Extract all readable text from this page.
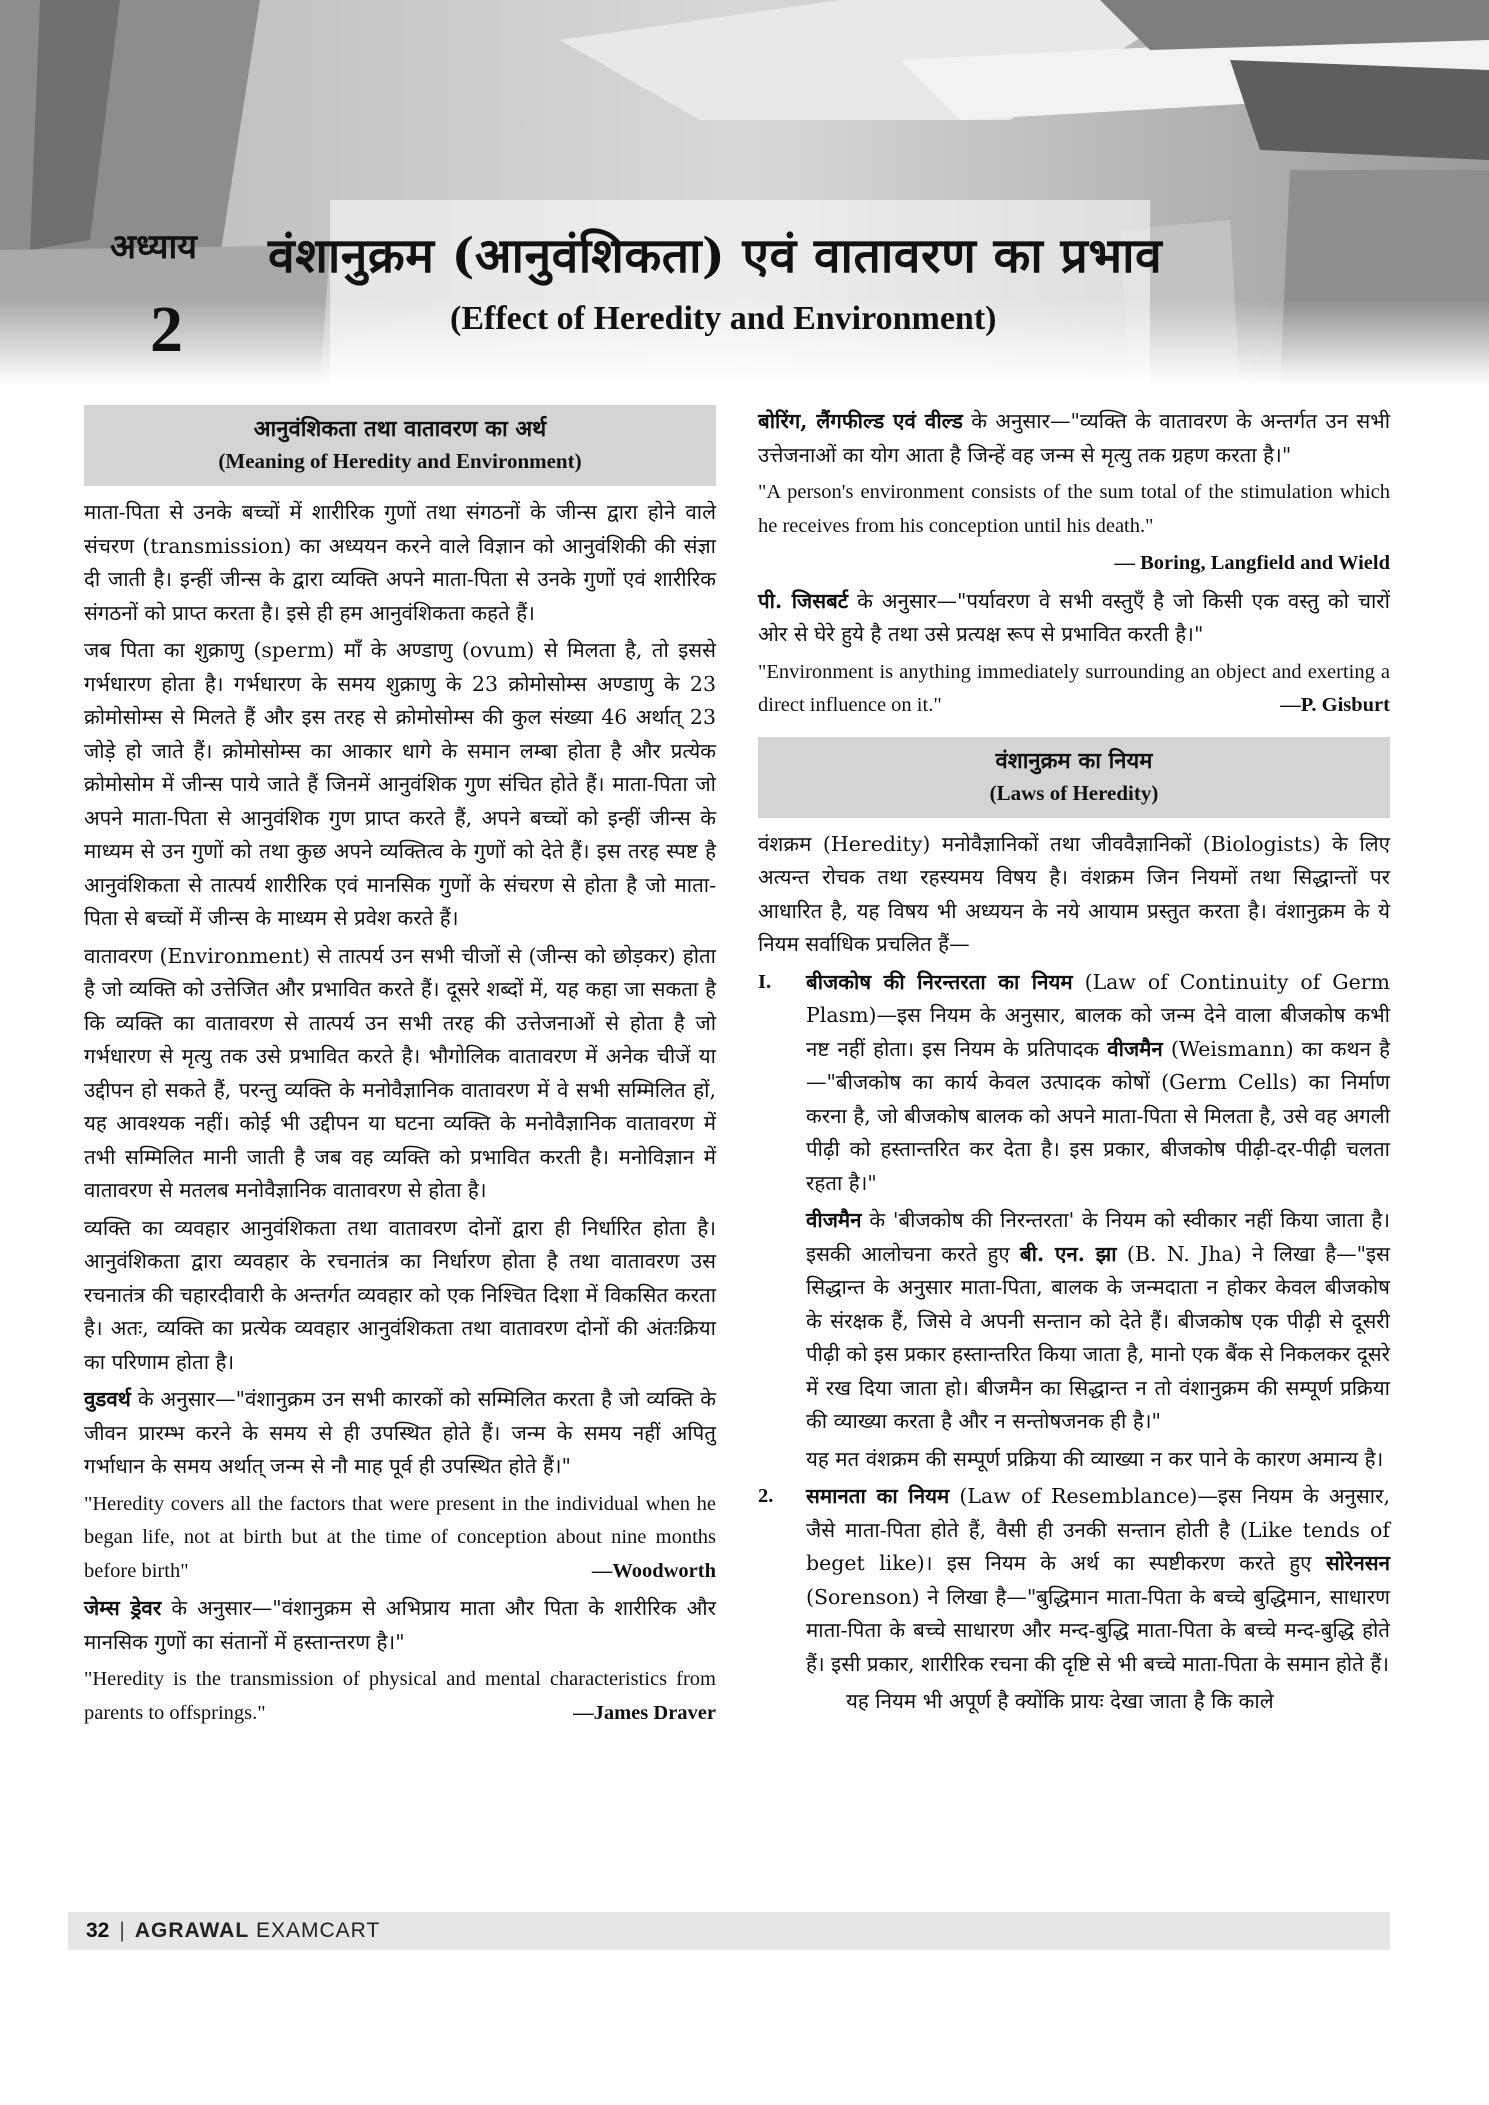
अध्याय
2
वंशानुक्रम (आनुवंशिकता) एवं वातावरण का प्रभाव
(Effect of Heredity and Environment)
आनुवंशिकता तथा वातावरण का अर्थ
(Meaning of Heredity and Environment)

माता-पिता से उनके बच्चों में शारीरिक गुणों तथा संगठनों के जीन्स द्वारा होने वाले संचरण (transmission) का अध्ययन करने वाले विज्ञान को आनुवंशिकी की संज्ञा दी जाती है। इन्हीं जीन्स के द्वारा व्यक्ति अपने माता-पिता से उनके गुणों एवं शारीरिक संगठनों को प्राप्त करता है। इसे ही हम आनुवंशिकता कहते हैं।

जब पिता का शुक्राणु (sperm) माँ के अण्डाणु (ovum) से मिलता है, तो इससे गर्भधारण होता है। गर्भधारण के समय शुक्राणु के 23 क्रोमोसोम्स अण्डाणु के 23 क्रोमोसोम्स से मिलते हैं और इस तरह से क्रोमोसोम्स की कुल संख्या 46 अर्थात् 23 जोड़े हो जाते हैं। क्रोमोसोम्स का आकार धागे के समान लम्बा होता है और प्रत्येक क्रोमोसोम में जीन्स पाये जाते हैं जिनमें आनुवंशिक गुण संचित होते हैं। माता-पिता जो अपने माता-पिता से आनुवंशिक गुण प्राप्त करते हैं, अपने बच्चों को इन्हीं जीन्स के माध्यम से उन गुणों को तथा कुछ अपने व्यक्तित्व के गुणों को देते हैं। इस तरह स्पष्ट है आनुवंशिकता से तात्पर्य शारीरिक एवं मानसिक गुणों के संचरण से होता है जो माता-पिता से बच्चों में जीन्स के माध्यम से प्रवेश करते हैं।

वातावरण (Environment) से तात्पर्य उन सभी चीजों से (जीन्स को छोड़कर) होता है जो व्यक्ति को उत्तेजित और प्रभावित करते हैं। दूसरे शब्दों में, यह कहा जा सकता है कि व्यक्ति का वातावरण से तात्पर्य उन सभी तरह की उत्तेजनाओं से होता है जो गर्भधारण से मृत्यु तक उसे प्रभावित करते है। भौगोलिक वातावरण में अनेक चीजें या उद्दीपन हो सकते हैं, परन्तु व्यक्ति के मनोवैज्ञानिक वातावरण में वे सभी सम्मिलित हों, यह आवश्यक नहीं। कोई भी उद्दीपन या घटना व्यक्ति के मनोवैज्ञानिक वातावरण में तभी सम्मिलित मानी जाती है जब वह व्यक्ति को प्रभावित करती है। मनोविज्ञान में वातावरण से मतलब मनोवैज्ञानिक वातावरण से होता है।

व्यक्ति का व्यवहार आनुवंशिकता तथा वातावरण दोनों द्वारा ही निर्धारित होता है। आनुवंशिकता द्वारा व्यवहार के रचनातंत्र का निर्धारण होता है तथा वातावरण उस रचनातंत्र की चहारदीवारी के अन्तर्गत व्यवहार को एक निश्चित दिशा में विकसित करता है। अतः, व्यक्ति का प्रत्येक व्यवहार आनुवंशिकता तथा वातावरण दोनों की अंतःक्रिया का परिणाम होता है।

वुडवर्थ के अनुसार—"वंशानुक्रम उन सभी कारकों को सम्मिलित करता है जो व्यक्ति के जीवन प्रारम्भ करने के समय से ही उपस्थित होते हैं। जन्म के समय नहीं अपितु गर्भाधान के समय अर्थात् जन्म से नौ माह पूर्व ही उपस्थित होते हैं।"

"Heredity covers all the factors that were present in the individual when he began life, not at birth but at the time of conception about nine months before birth"	—Woodworth

जेम्स ड्रेवर के अनुसार—"वंशानुक्रम से अभिप्राय माता और पिता के शारीरिक और मानसिक गुणों का संतानों में हस्तान्तरण है।"

"Heredity is the transmission of physical and mental characteristics from parents to offsprings."	—James Draver

बोरिंग, लैंगफील्ड एवं वील्ड के अनुसार—"व्यक्ति के वातावरण के अन्तर्गत उन सभी उत्तेजनाओं का योग आता है जिन्हें वह जन्म से मृत्यु तक ग्रहण करता है।"

"A person's environment consists of the sum total of the stimulation which he receives from his conception until his death."

— Boring, Langfield and Wield

पी. जिसबर्ट के अनुसार—"पर्यावरण वे सभी वस्तुएँ है जो किसी एक वस्तु को चारों ओर से घेरे हुये है तथा उसे प्रत्यक्ष रूप से प्रभावित करती है।"

"Environment is anything immediately surrounding an object and exerting a direct influence on it."	—P. Gisburt

वंशानुक्रम का नियम
(Laws of Heredity)

वंशक्रम (Heredity) मनोवैज्ञानिकों तथा जीववैज्ञानिकों (Biologists) के लिए अत्यन्त रोचक तथा रहस्यमय विषय है। वंशक्रम जिन नियमों तथा सिद्धान्तों पर आधारित है, यह विषय भी अध्ययन के नये आयाम प्रस्तुत करता है। वंशानुक्रम के ये नियम सर्वाधिक प्रचलित हैं—

I. बीजकोष की निरन्तरता का नियम (Law of Continuity of Germ Plasm)—इस नियम के अनुसार, बालक को जन्म देने वाला बीजकोष कभी नष्ट नहीं होता। इस नियम के प्रतिपादक वीजमैन (Weismann) का कथन है—"बीजकोष का कार्य केवल उत्पादक कोषों (Germ Cells) का निर्माण करना है, जो बीजकोष बालक को अपने माता-पिता से मिलता है, उसे वह अगली पीढ़ी को हस्तान्तरित कर देता है। इस प्रकार, बीजकोष पीढ़ी-दर-पीढ़ी चलता रहता है।"

वीजमैन के 'बीजकोष की निरन्तरता' के नियम को स्वीकार नहीं किया जाता है। इसकी आलोचना करते हुए बी. एन. झा (B. N. Jha) ने लिखा है—"इस सिद्धान्त के अनुसार माता-पिता, बालक के जन्मदाता न होकर केवल बीजकोष के संरक्षक हैं, जिसे वे अपनी सन्तान को देते हैं। बीजकोष एक पीढ़ी से दूसरी पीढ़ी को इस प्रकार हस्तान्तरित किया जाता है, मानो एक बैंक से निकलकर दूसरे में रख दिया जाता हो। बीजमैन का सिद्धान्त न तो वंशानुक्रम की सम्पूर्ण प्रक्रिया की व्याख्या करता है और न सन्तोषजनक ही है।"

यह मत वंशक्रम की सम्पूर्ण प्रक्रिया की व्याख्या न कर पाने के कारण अमान्य है।

2. समानता का नियम (Law of Resemblance)—इस नियम के अनुसार, जैसे माता-पिता होते हैं, वैसी ही उनकी सन्तान होती है (Like tends of beget like)। इस नियम के अर्थ का स्पष्टीकरण करते हुए सोरेनसन (Sorenson) ने लिखा है—"बुद्धिमान माता-पिता के बच्चे बुद्धिमान, साधारण माता-पिता के बच्चे साधारण और मन्द-बुद्धि माता-पिता के बच्चे मन्द-बुद्धि होते हैं। इसी प्रकार, शारीरिक रचना की दृष्टि से भी बच्चे माता-पिता के समान होते हैं।

यह नियम भी अपूर्ण है क्योंकि प्रायः देखा जाता है कि काले

32 | AGRAWAL EXAMCART
